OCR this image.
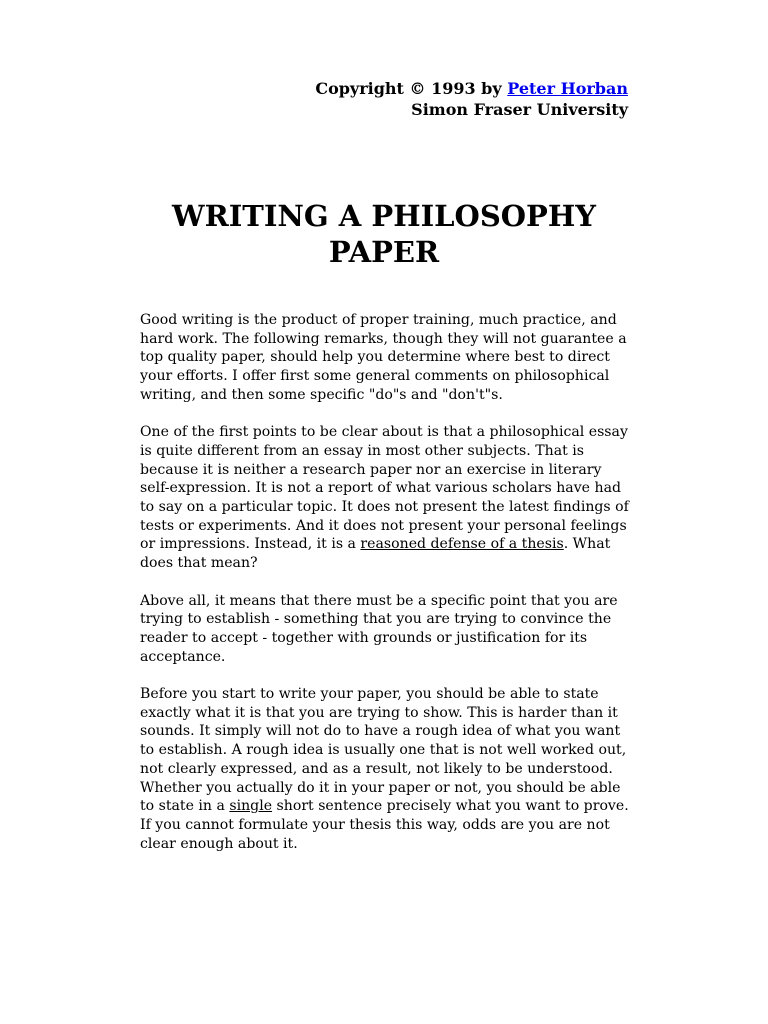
Copyright © 1993 by Peter Horban
Simon Fraser University
WRITING A PHILOSOPHY
PAPER

Good writing is the product of proper training, much practice, and hard work. The following remarks, though they will not guarantee a top quality paper, should help you determine where best to direct your efforts. I offer first some general comments on philosophical writing, and then some specific "do"s and "don't"s.

One of the first points to be clear about is that a philosophical essay is quite different from an essay in most other subjects. That is because it is neither a research paper nor an exercise in literary self-expression. It is not a report of what various scholars have had to say on a particular topic. It does not present the latest findings of tests or experiments. And it does not present your personal feelings or impressions. Instead, it is a reasoned defense of a thesis. What does that mean?

Above all, it means that there must be a specific point that you are trying to establish - something that you are trying to convince the reader to accept - together with grounds or justification for its acceptance.

Before you start to write your paper, you should be able to state exactly what it is that you are trying to show. This is harder than it sounds. It simply will not do to have a rough idea of what you want to establish. A rough idea is usually one that is not well worked out, not clearly expressed, and as a result, not likely to be understood. Whether you actually do it in your paper or not, you should be able to state in a single short sentence precisely what you want to prove. If you cannot formulate your thesis this way, odds are you are not clear enough about it.
